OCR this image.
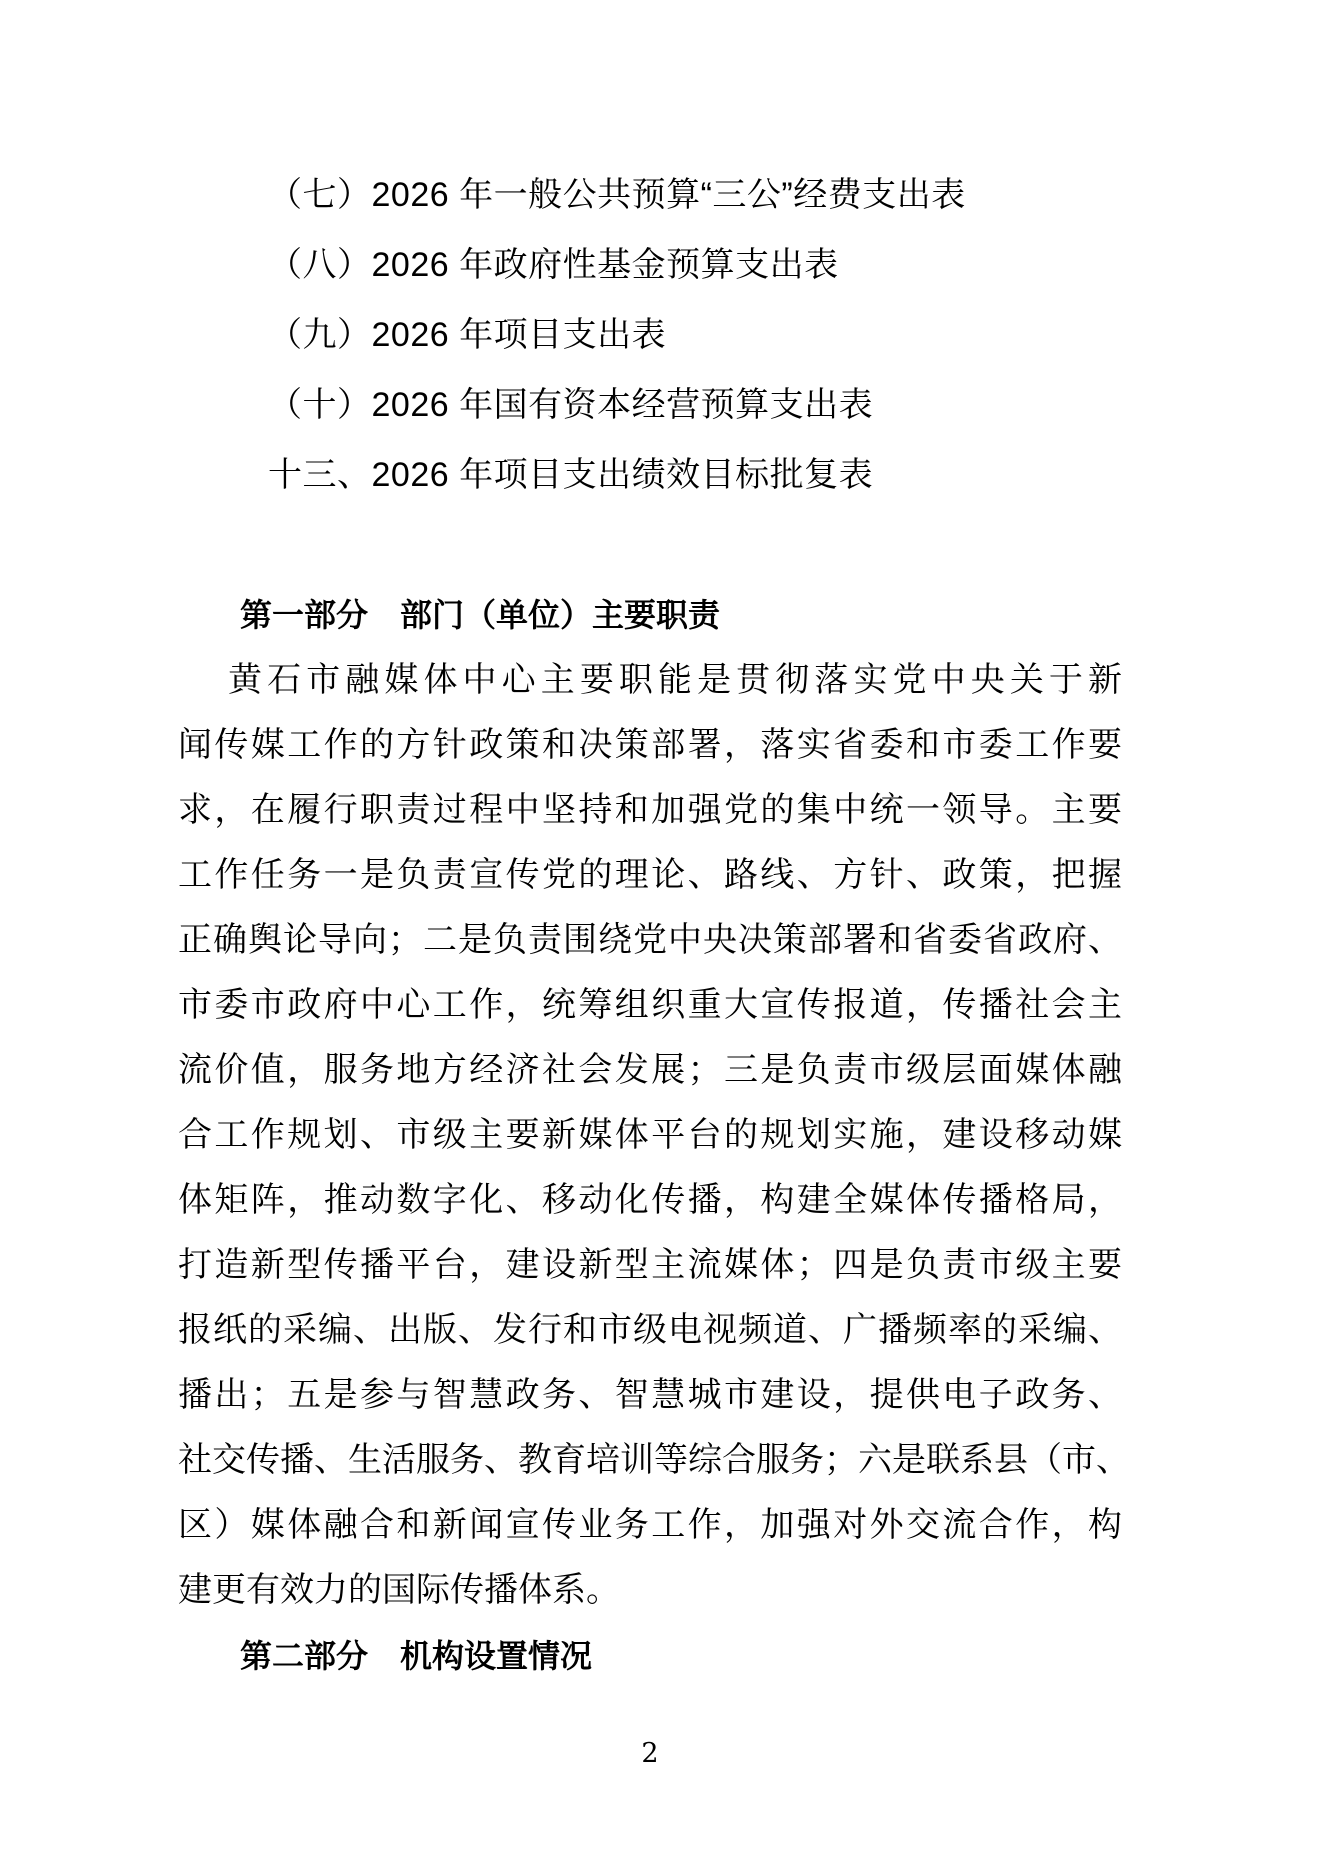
（七）2026 年一般公共预算“三公”经费支出表
（八）2026 年政府性基金预算支出表
（九）2026 年项目支出表
（十）2026 年国有资本经营预算支出表
十三、2026 年项目支出绩效目标批复表
第一部分　部门（单位）主要职责
黄石市融媒体中心主要职能是贯彻落实党中央关于新
闻传媒工作的方针政策和决策部署，落实省委和市委工作要
求，在履行职责过程中坚持和加强党的集中统一领导。主要
工作任务一是负责宣传党的理论、路线、方针、政策，把握
正确舆论导向；二是负责围绕党中央决策部署和省委省政府、
市委市政府中心工作，统筹组织重大宣传报道，传播社会主
流价值，服务地方经济社会发展；三是负责市级层面媒体融
合工作规划、市级主要新媒体平台的规划实施，建设移动媒
体矩阵，推动数字化、移动化传播，构建全媒体传播格局，
打造新型传播平台，建设新型主流媒体；四是负责市级主要
报纸的采编、出版、发行和市级电视频道、广播频率的采编、
播出；五是参与智慧政务、智慧城市建设，提供电子政务、
社交传播、生活服务、教育培训等综合服务；六是联系县（市、
区）媒体融合和新闻宣传业务工作，加强对外交流合作，构
建更有效力的国际传播体系。
第二部分　机构设置情况
2
